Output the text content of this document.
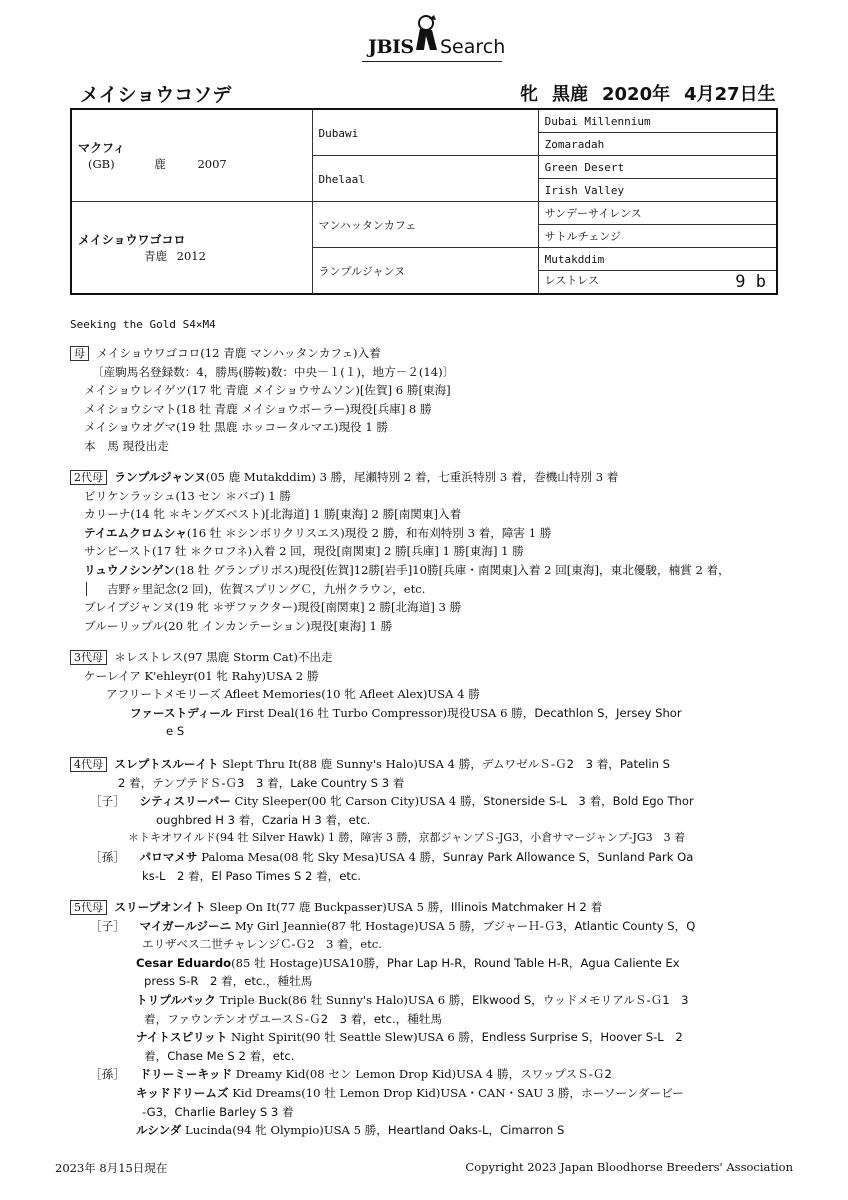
JBIS Search
メイショウコソデ	牝 黒鹿 2020年 4月27日生
マクフィ
(GB) 鹿 2007	Dubawi	Dubai Millennium
		Zomaradah
	Dhelaal	Green Desert
		Irish Valley

メイショウワゴコロ
青鹿 2012	マンハッタンカフェ	サンデーサイレンス
		サトルチェンジ
	ランプルジャンヌ	Mutakddim
		レストレス 9 b
Seeking the Gold S4×M4
母 メイショウワゴコロ(12 青鹿 マンハッタンカフェ)入着
〔産駒馬名登録数：4，勝馬(勝鞍)数：中央－１(１)，地方－２(14)〕
メイショウレイゲツ(17 牝 青鹿 メイショウサムソン)[佐賀] 6 勝[東海]
メイショウシマト(18 牡 青鹿 メイショウボーラー)現役[兵庫] 8 勝
メイショウオグマ(19 牡 黒鹿 ホッコータルマエ)現役 1 勝
本　馬 現役出走
2代母 ランプルジャンヌ(05 鹿 Mutakddim) 3 勝，尾瀬特別 2 着，七重浜特別 3 着，巻機山特別 3 着
ビリケンラッシュ(13 セン ＊バゴ) 1 勝
カリーナ(14 牝 ＊キングズベスト)[北海道] 1 勝[東海] 2 勝[南関東]入着
テイエムクロムシャ(16 牡 ＊シンボリクリスエス)現役 2 勝，和布刈特別 3 着，障害 1 勝
サンビースト(17 牡 ＊クロフネ)入着 2 回，現役[南関東] 2 勝[兵庫] 1 勝[東海] 1 勝
リュウノシンゲン(18 牡 グランプリボス)現役[佐賀]12勝[岩手]10勝[兵庫・南関東]入着 2 回[東海]，東北優駿，楠賞 2 着，
吉野ヶ里記念(2 回)，佐賀スプリングＣ，九州クラウン，etc.
ブレイブジャンヌ(19 牝 ＊ザファクター)現役[南関東] 2 勝[北海道] 3 勝
ブルーリップル(20 牝 インカンテーション)現役[東海] 1 勝
3代母 ＊レストレス(97 黒鹿 Storm Cat)不出走
ケーレイア K'ehleyr(01 牝 Rahy)USA 2 勝
アフリートメモリーズ Afleet Memories(10 牝 Afleet Alex)USA 4 勝
ファーストディール First Deal(16 牡 Turbo Compressor)現役USA 6 勝，Decathlon S，Jersey Shor
e S
4代母 スレプトスルーイト Slept Thru It(88 鹿 Sunny's Halo)USA 4 勝，デムワゼルＳ-Ｇ2　3 着，Patelin S
2 着，テンプテドＳ-Ｇ3　3 着，Lake Country S 3 着
［子］ シティスリーパー City Sleeper(00 牝 Carson City)USA 4 勝，Stonerside S-L　3 着，Bold Ego Thor
oughbred H 3 着，Czaria H 3 着，etc.
＊トキオワイルド(94 牡 Silver Hawk) 1 勝，障害 3 勝，京都ジャンプＳ-JG3，小倉サマージャンプ-JG3　3 着
［孫］ パロマメサ Paloma Mesa(08 牝 Sky Mesa)USA 4 勝，Sunray Park Allowance S，Sunland Park Oa
ks-L　2 着，El Paso Times S 2 着，etc.
5代母 スリープオンイト Sleep On It(77 鹿 Buckpasser)USA 5 勝，Illinois Matchmaker H 2 着
［子］ マイガールジーニ My Girl Jeannie(87 牝 Hostage)USA 5 勝，ブジャーＨ-Ｇ3，Atlantic County S，Q
エリザベス二世チャレンジＣ-Ｇ2　3 着，etc.
Cesar Eduardo(85 牡 Hostage)USA10勝，Phar Lap H-R，Round Table H-R，Agua Caliente Ex
press S-R　2 着，etc.，種牡馬
トリプルバック Triple Buck(86 牡 Sunny's Halo)USA 6 勝，Elkwood S，ウッドメモリアルＳ-Ｇ1　3
着，ファウンテンオヴユースＳ-Ｇ2　3 着，etc.，種牡馬
ナイトスピリット Night Spirit(90 牡 Seattle Slew)USA 6 勝，Endless Surprise S，Hoover S-L　2
着，Chase Me S 2 着，etc.
［孫］ ドリーミーキッド Dreamy Kid(08 セン Lemon Drop Kid)USA 4 勝，スワップスＳ-Ｇ2
キッドドリームズ Kid Dreams(10 牡 Lemon Drop Kid)USA・CAN・SAU 3 勝，ホーソーンダービー
-G3，Charlie Barley S 3 着
ルシンダ Lucinda(94 牝 Olympio)USA 5 勝，Heartland Oaks-L，Cimarron S
2023年 8月15日現在	Copyright 2023 Japan Bloodhorse Breeders' Association
